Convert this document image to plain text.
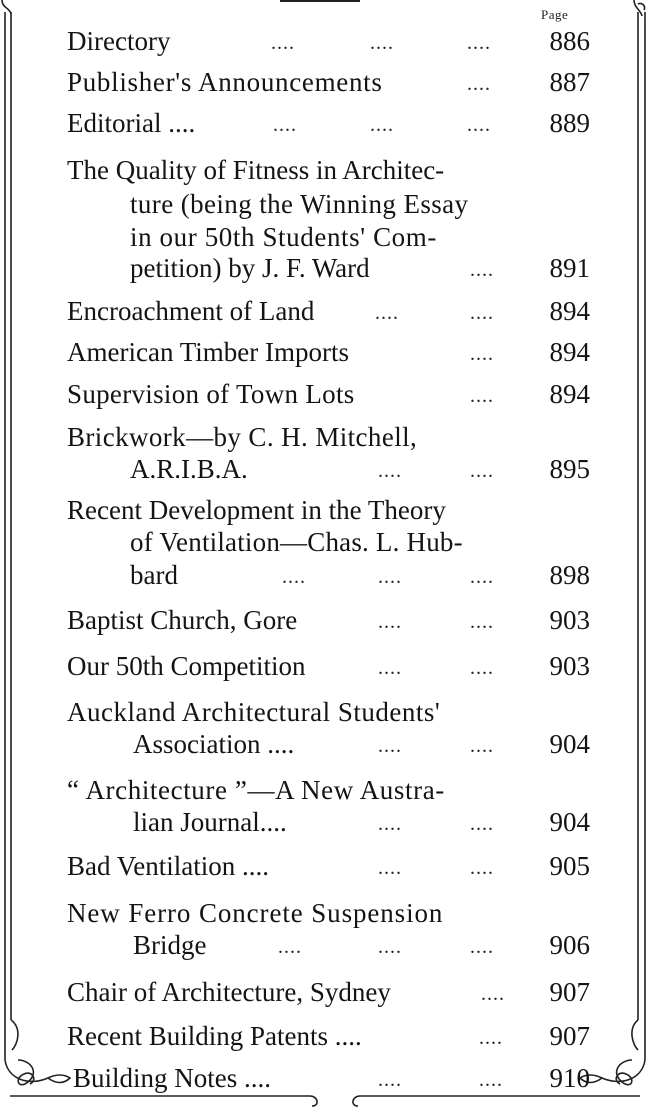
Page
Directory	....	....	....	886
Publisher's Announcements	....	887
Editorial ....	....	....	....	889
The Quality of Fitness in Architec-
ture (being the Winning Essay
in our 50th Students' Com-
petition) by J. F. Ward	....	891
Encroachment of Land	....	....	894
American Timber Imports	....	894
Supervision of Town Lots	....	894
Brickwork—by C. H. Mitchell,
A.R.I.B.A.	....	....	895
Recent Development in the Theory
of Ventilation—Chas. L. Hub-
bard	....	....	....	898
Baptist Church, Gore	....	....	903
Our 50th Competition	....	....	903
Auckland Architectural Students'
Association ....	....	....	904
“ Architecture ”—A New Austra-
lian Journal....	....	....	904
Bad Ventilation ....	....	....	905
New Ferro Concrete Suspension
Bridge	....	....	....	906
Chair of Architecture, Sydney	....	907
Recent Building Patents ....	....	907
Building Notes ....	....	....	910
